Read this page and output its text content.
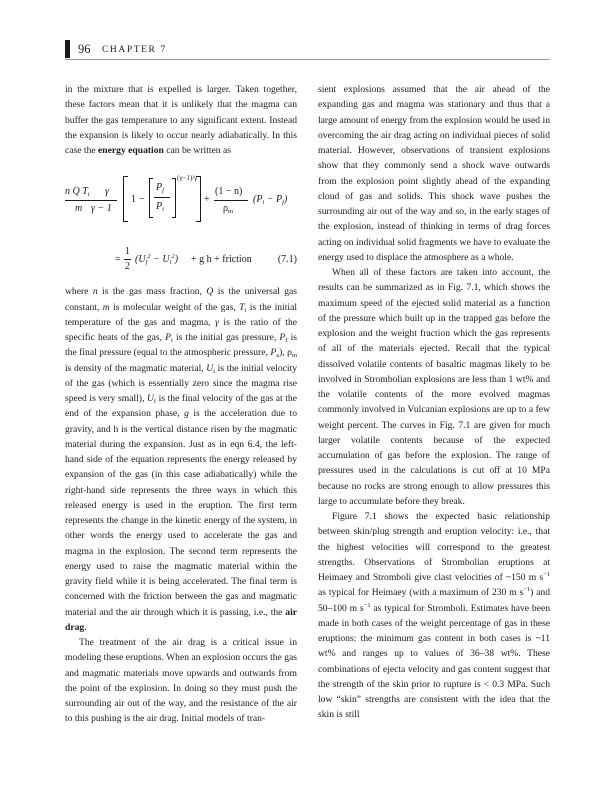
96 CHAPTER 7

in the mixture that is expelled is larger. Taken together, these factors mean that it is unlikely that the magma can buffer the gas temperature to any significant extent. Instead the expansion is likely to occur nearly adiabatically. In this case the energy equation can be written as

n Q $T_i$ γ
m γ − 1
1 −
$P_f$
$P_i$
(γ−1)/γ
+
(1 − n)
$\rho_m$
$(P_i - P_f)$
=
1
2
$(U_f^2 - U_i^2) + g$ h + friction	(7.1)

where n is the gas mass fraction, Q is the universal gas constant, m is molecular weight of the gas, $T_i$ is the initial temperature of the gas and magma, γ is the ratio of the specific heats of the gas, $P_i$ is the initial gas pressure, $P_f$ is the final pressure (equal to the atmospheric pressure, $P_a$), $\rho_m$ is density of the magmatic material, $U_i$ is the initial velocity of the gas (which is essentially zero since the magma rise speed is very small), $U_f$ is the final velocity of the gas at the end of the expansion phase, g is the acceleration due to gravity, and h is the vertical distance risen by the magmatic material during the expansion. Just as in eqn 6.4, the left-hand side of the equation represents the energy released by expansion of the gas (in this case adiabatically) while the right-hand side represents the three ways in which this released energy is used in the eruption. The first term represents the change in the kinetic energy of the system, in other words the energy used to accelerate the gas and magma in the explosion. The second term represents the energy used to raise the magmatic material within the gravity field while it is being accelerated. The final term is concerned with the friction between the gas and magmatic material and the air through which it is passing, i.e., the air drag.

The treatment of the air drag is a critical issue in modeling these eruptions. When an explosion occurs the gas and magmatic materials move upwards and outwards from the point of the explosion. In doing so they must push the surrounding air out of the way, and the resistance of the air to this pushing is the air drag. Initial models of tran-

sient explosions assumed that the air ahead of the expanding gas and magma was stationary and thus that a large amount of energy from the explosion would be used in overcoming the air drag acting on individual pieces of solid material. However, observations of transient explosions show that they commonly send a shock wave outwards from the explosion point slightly ahead of the expanding cloud of gas and solids. This shock wave pushes the surrounding air out of the way and so, in the early stages of the explosion, instead of thinking in terms of drag forces acting on individual solid fragments we have to evaluate the energy used to displace the atmosphere as a whole.

When all of these factors are taken into account, the results can be summarized as in Fig. 7.1, which shows the maximum speed of the ejected solid material as a function of the pressure which built up in the trapped gas before the explosion and the weight fraction which the gas represents of all of the materials ejected. Recall that the typical dissolved volatile contents of basaltic magmas likely to be involved in Strombolian explosions are less than 1 wt% and the volatile contents of the more evolved magmas commonly involved in Vulcanian explosions are up to a few weight percent. The curves in Fig. 7.1 are given for much larger volatile contents because of the expected accumulation of gas before the explosion. The range of pressures used in the calculations is cut off at 10 MPa because no rocks are strong enough to allow pressures this large to accumulate before they break.

Figure 7.1 shows the expected basic relationship between skin/plug strength and eruption velocity: i.e., that the highest velocities will correspond to the greatest strengths. Observations of Strombolian eruptions at Heimaey and Stromboli give clast velocities of ~150 m $s^{-1}$ as typical for Heimaey (with a maximum of 230 m $s^{-1}$) and 50–100 m $s^{-1}$ as typical for Stromboli. Estimates have been made in both cases of the weight percentage of gas in these eruptions: the minimum gas content in both cases is ~11 wt% and ranges up to values of 36–38 wt%. These combinations of ejecta velocity and gas content suggest that the strength of the skin prior to rupture is < 0.3 MPa. Such low “skin” strengths are consistent with the idea that the skin is still
